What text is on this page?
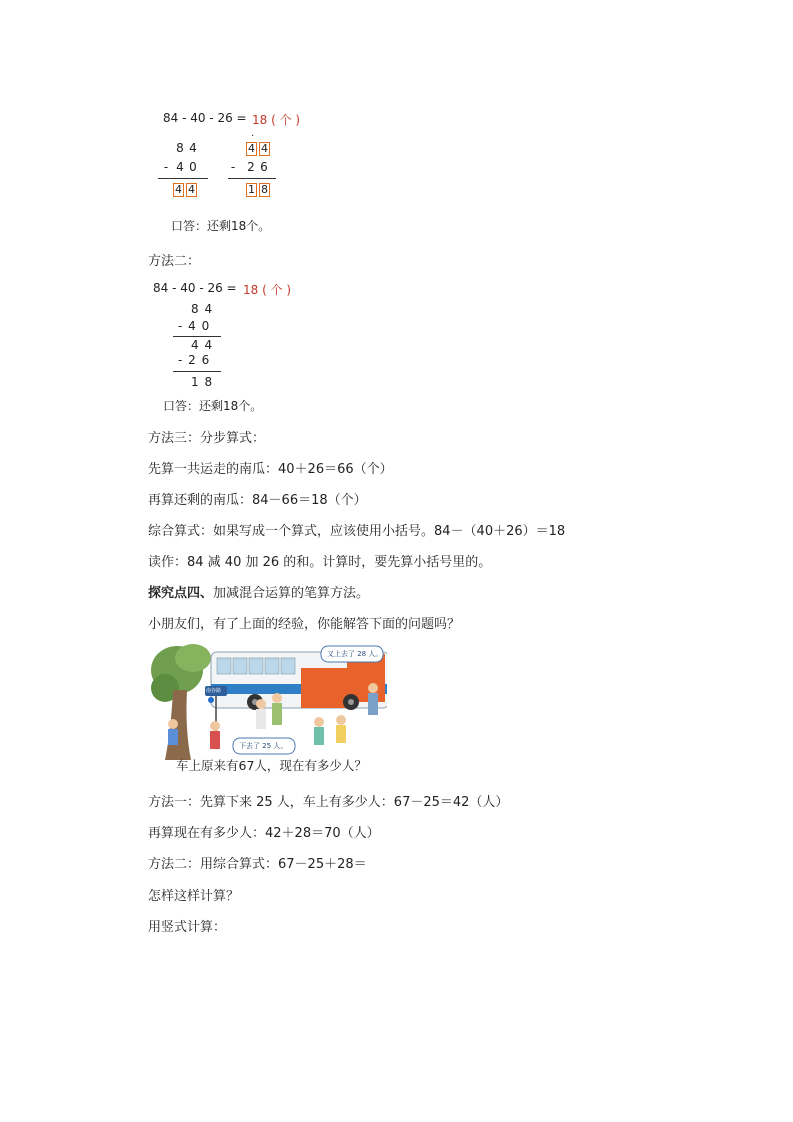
84 - 40 - 26 = 18 ( 个 )
8 4
- 4 0
4 4
·
4 4
-	2 6
1 8
口答：还剩18个。
方法二：
84 - 40 - 26 = 18 ( 个 )
8 4
- 4 0
4 4
- 2 6
1 8
口答：还剩18个。
方法三：分步算式：
先算一共运走的南瓜：40＋26＝66（个）
再算还剩的南瓜：84－66＝18（个）
综合算式：如果写成一个算式，应该使用小括号。84－（40＋26）＝18
读作：84 减 40 加 26 的和。计算时，要先算小括号里的。
探究点四、加减混合运算的笔算方法。
小朋友们，有了上面的经验，你能解答下面的问题吗？
又上去了 28 人。
下去了 25 人。
南谷路
车上原来有67人，现在有多少人？
方法一：先算下来 25 人，车上有多少人：67－25＝42（人）
再算现在有多少人：42＋28＝70（人）
方法二：用综合算式：67－25＋28＝
怎样这样计算？
用竖式计算：
